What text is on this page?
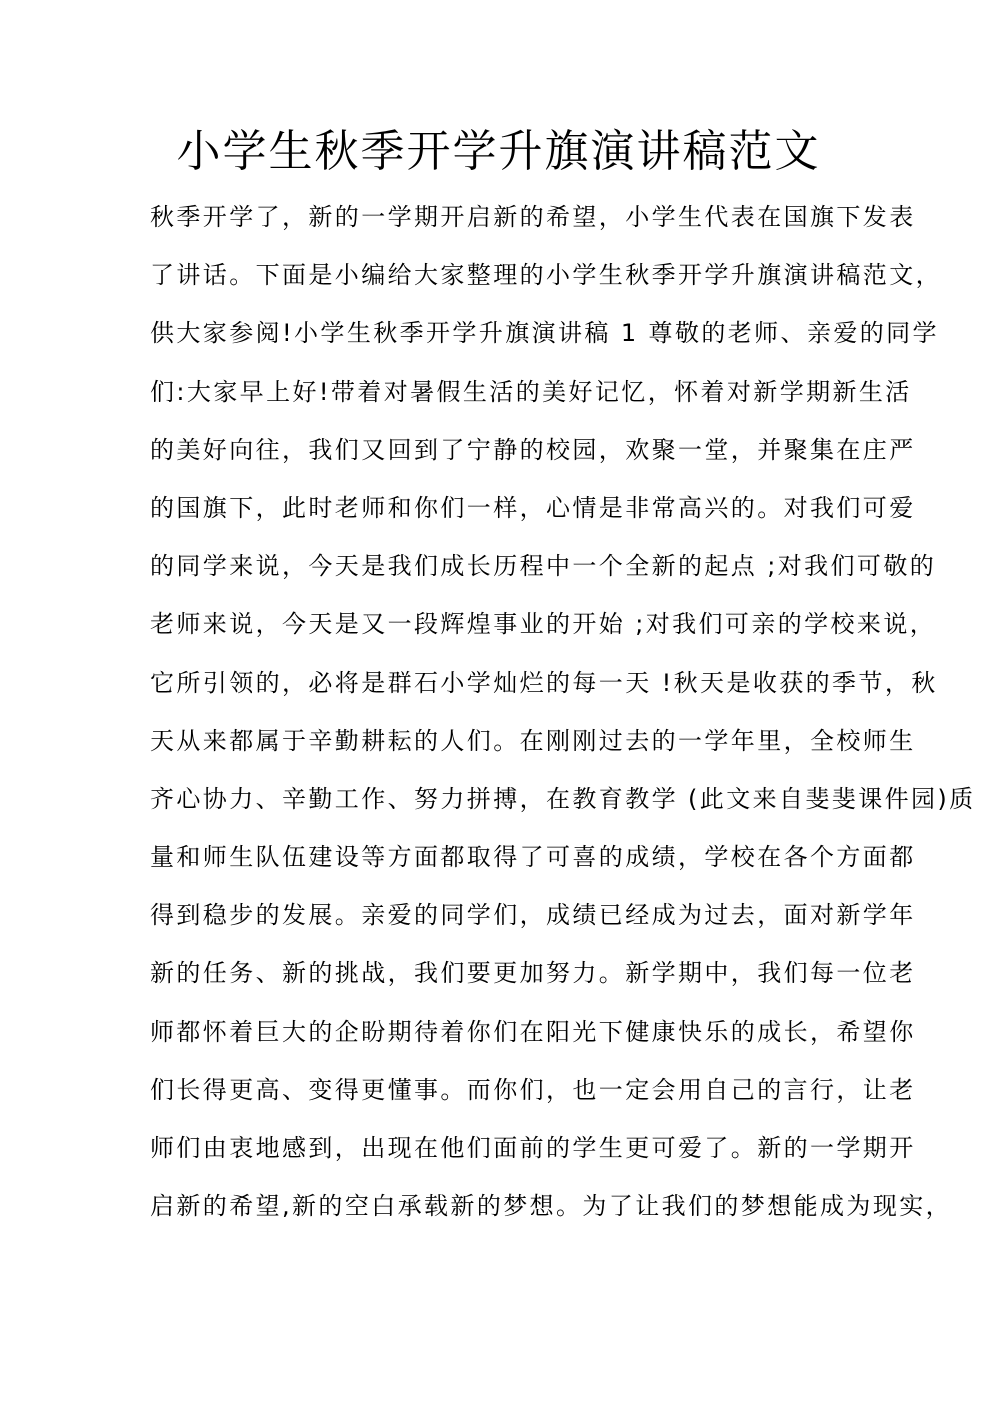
小学生秋季开学升旗演讲稿范文
秋季开学了，新的一学期开启新的希望，小学生代表在国旗下发表
了讲话。下面是小编给大家整理的小学生秋季开学升旗演讲稿范文，
供大家参阅!小学生秋季开学升旗演讲稿 1 尊敬的老师、亲爱的同学
们:大家早上好!带着对暑假生活的美好记忆，怀着对新学期新生活
的美好向往，我们又回到了宁静的校园，欢聚一堂，并聚集在庄严
的国旗下，此时老师和你们一样，心情是非常高兴的。对我们可爱
的同学来说，今天是我们成长历程中一个全新的起点 ;对我们可敬的
老师来说，今天是又一段辉煌事业的开始 ;对我们可亲的学校来说，
它所引领的，必将是群石小学灿烂的每一天 !秋天是收获的季节，秋
天从来都属于辛勤耕耘的人们。在刚刚过去的一学年里，全校师生
齐心协力、辛勤工作、努力拼搏，在教育教学 (此文来自斐斐课件园)质
量和师生队伍建设等方面都取得了可喜的成绩，学校在各个方面都
得到稳步的发展。亲爱的同学们，成绩已经成为过去，面对新学年
新的任务、新的挑战，我们要更加努力。新学期中，我们每一位老
师都怀着巨大的企盼期待着你们在阳光下健康快乐的成长，希望你
们长得更高、变得更懂事。而你们，也一定会用自己的言行，让老
师们由衷地感到，出现在他们面前的学生更可爱了。新的一学期开
启新的希望,新的空白承载新的梦想。为了让我们的梦想能成为现实，
